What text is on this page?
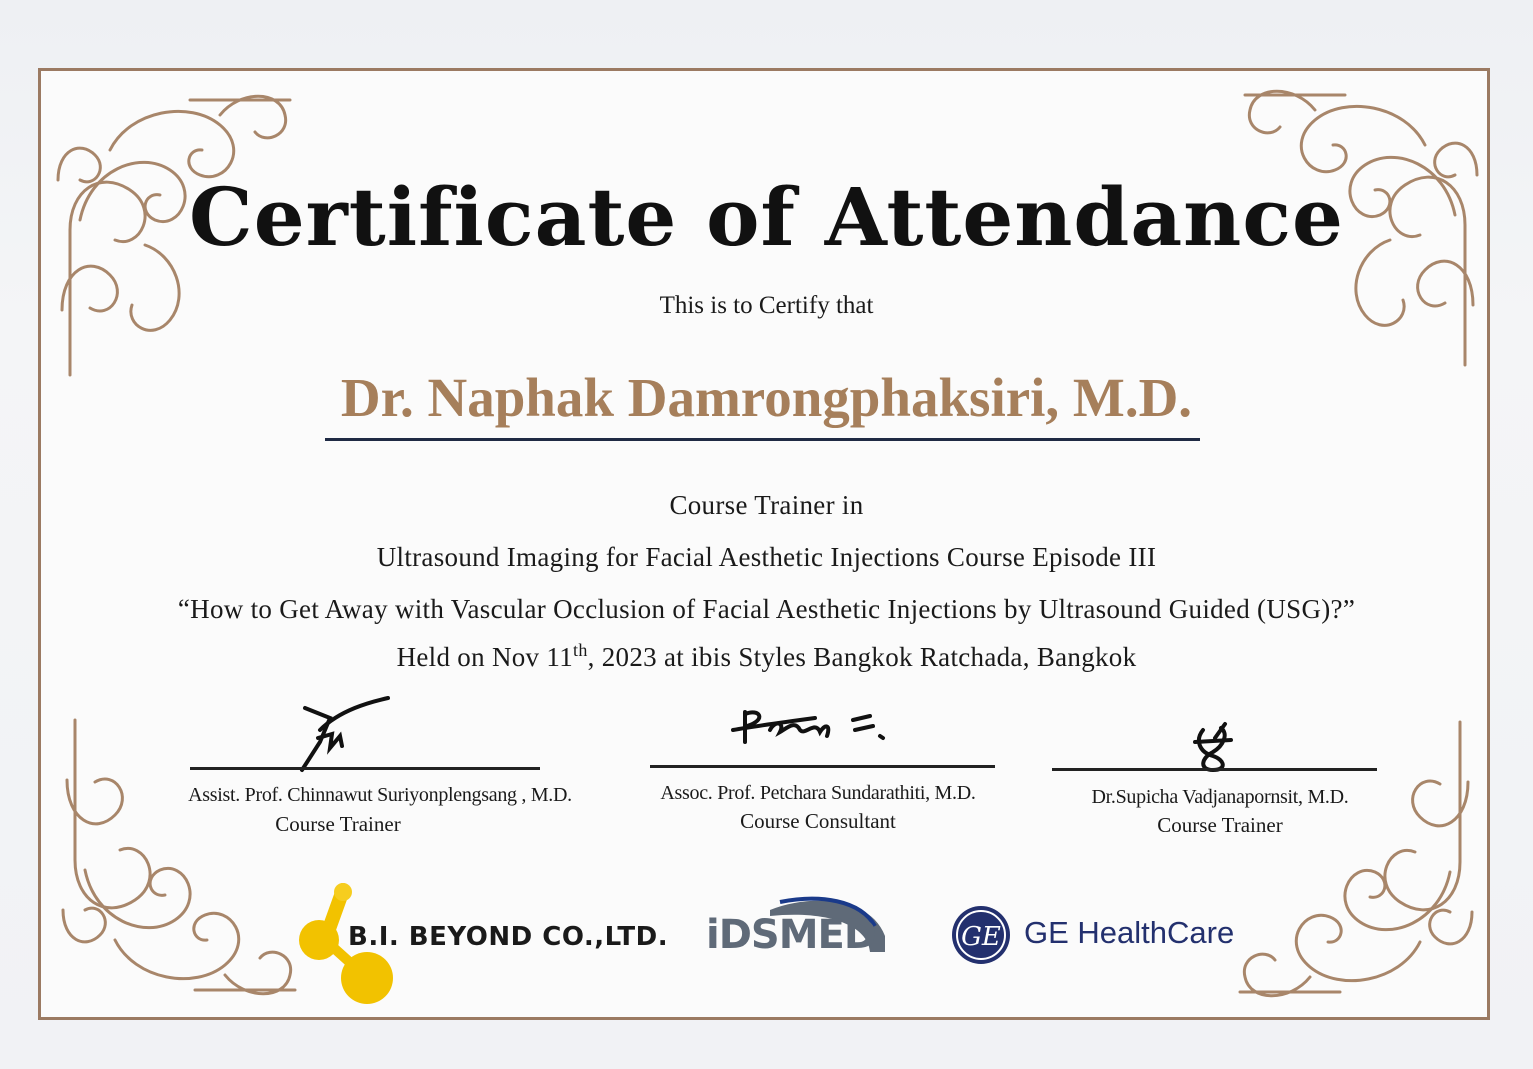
Certificate of Attendance
This is to Certify that
Dr. Naphak Damrongphaksiri, M.D.
Course Trainer in
Ultrasound Imaging for Facial Aesthetic Injections Course Episode III
“How to Get Away with Vascular Occlusion of Facial Aesthetic Injections by Ultrasound Guided (USG)?”
Held on Nov 11th, 2023 at ibis Styles Bangkok Ratchada, Bangkok
Assist. Prof. Chinnawut Suriyonplengsang , M.D.
Course Trainer
Assoc. Prof. Petchara Sundarathiti, M.D.
Course Consultant
Dr.Supicha Vadjanapornsit, M.D.
Course Trainer
B.I. BEYOND CO.,LTD. iDSMED	GE GE HealthCare
